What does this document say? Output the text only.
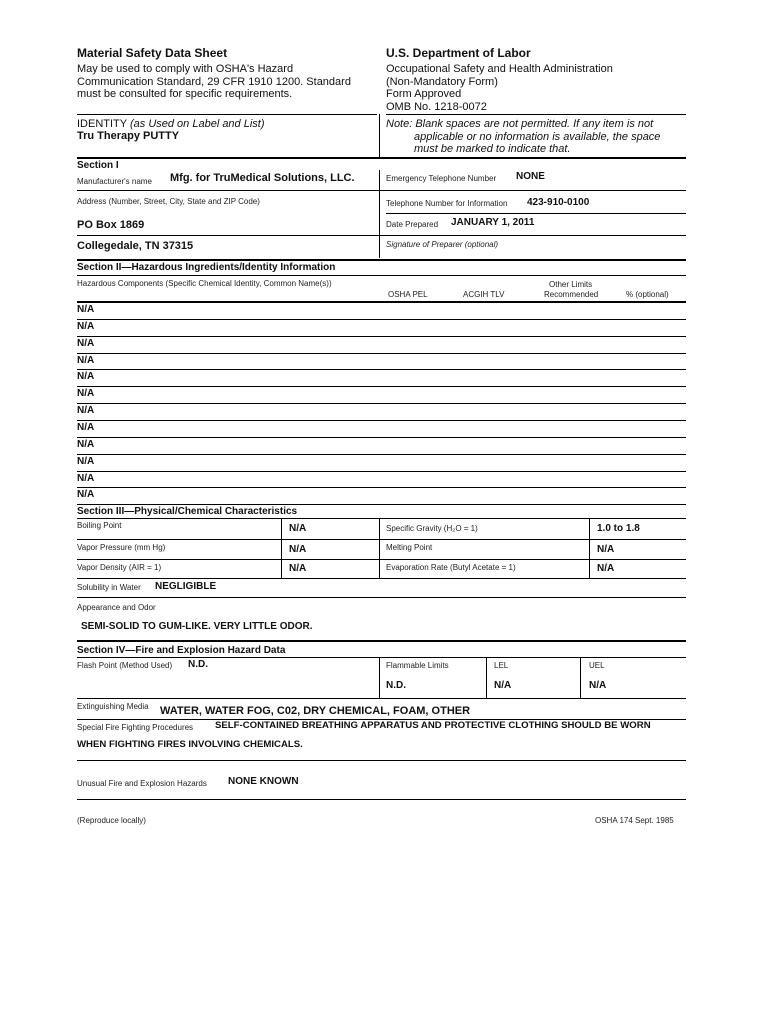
Material Safety Data Sheet
May be used to comply with OSHA's Hazard
Communication Standard, 29 CFR 1910 1200. Standard
must be consulted for specific requirements.
U.S. Department of Labor
Occupational Safety and Health Administration
(Non-Mandatory Form)
Form Approved
OMB No. 1218-0072
IDENTITY (as Used on Label and List)
Tru Therapy PUTTY
Note: Blank spaces are not permitted. If any item is not
applicable or no information is available, the space
must be marked to indicate that.
Section I
Manufacturer's name Mfg. for TruMedical Solutions, LLC.	Emergency Telephone Number NONE
Address (Number, Street, City, State and ZIP Code)	Telephone Number for Information 423-910-0100
PO Box 1869	Date Prepared JANUARY 1, 2011
Collegedale, TN 37315	Signature of Preparer (optional)
Section II—Hazardous Ingredients/Identity Information
Hazardous Components (Specific Chemical Identity, Common Name(s))
OSHA PEL	ACGIH TLV
Other Limits
Recommended	% (optional)
N/A
N/A
N/A
N/A
N/A
N/A
N/A
N/A
N/A
N/A
N/A
N/A
Section III—Physical/Chemical Characteristics
Boiling Point	N/A	Specific Gravity (H₂O = 1)	1.0 to 1.8
Vapor Pressure (mm Hg)	N/A	Melting Point	N/A
Vapor Density (AIR = 1)	N/A	Evaporation Rate (Butyl Acetate = 1)	N/A
Solubility in Water NEGLIGIBLE
Appearance and Odor
SEMI-SOLID TO GUM-LIKE. VERY LITTLE ODOR.
Section IV—Fire and Explosion Hazard Data
Flash Point (Method Used) N.D.	Flammable Limits	LEL	UEL
N.D.	N/A	N/A
Extinguishing Media WATER, WATER FOG, C02, DRY CHEMICAL, FOAM, OTHER
Special Fire Fighting Procedures SELF-CONTAINED BREATHING APPARATUS AND PROTECTIVE CLOTHING SHOULD BE WORN
WHEN FIGHTING FIRES INVOLVING CHEMICALS.
Unusual Fire and Explosion Hazards NONE KNOWN
(Reproduce locally)	OSHA 174 Sept. 1985
